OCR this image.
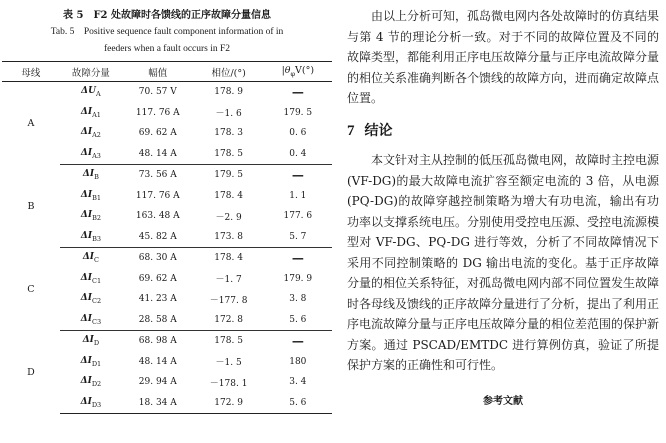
表 5　F2 处故障时各馈线的正序故障分量信息
Tab. 5　Positive sequence fault component information of in
feeders when a fault occurs in F2
母线	故障分量	幅值	相位/(°)	$|\theta_\varphi V(^\circ)$
A	$\Delta U_A$	70. 57 V	178. 9	—
	$\Delta I_{A1}$	117. 76 A	－1. 6	179. 5
	$\Delta I_{A2}$	69. 62 A	178. 3	0. 6
	$\Delta I_{A3}$	48. 14 A	178. 5	0. 4
B	$\Delta I_B$	73. 56 A	179. 5	—
	$\Delta I_{B1}$	117. 76 A	178. 4	1. 1
	$\Delta I_{B2}$	163. 48 A	－2. 9	177. 6
	$\Delta I_{B3}$	45. 82 A	173. 8	5. 7
C	$\Delta I_C$	68. 30 A	178. 4	—
	$\Delta I_{C1}$	69. 62 A	－1. 7	179. 9
	$\Delta I_{C2}$	41. 23 A	－177. 8	3. 8
	$\Delta I_{C3}$	28. 58 A	172. 8	5. 6
D	$\Delta I_D$	68. 98 A	178. 5	—
	$\Delta I_{D1}$	48. 14 A	－1. 5	180
	$\Delta I_{D2}$	29. 94 A	－178. 1	3. 4
	$\Delta I_{D3}$	18. 34 A	172. 9	5. 6

由以上分析可知，孤岛微电网内各处故障时的仿真结果与第 4 节的理论分析一致。对于不同的故障位置及不同的故障类型，都能利用正序电压故障分量与正序电流故障分量的相位关系准确判断各个馈线的故障方向，进而确定故障点位置。

7 结论

本文针对主从控制的低压孤岛微电网，故障时主控电源(VF-DG)的最大故障电流扩容至额定电流的 3 倍，从电源(PQ-DG)的故障穿越控制策略为增大有功电流，输出有功功率以支撑系统电压。分别使用受控电压源、受控电流源模型对 VF-DG、PQ-DG 进行等效，分析了不同故障情况下采用不同控制策略的 DG 输出电流的变化。基于正序故障分量的相位关系特征，对孤岛微电网内部不同位置发生故障时各母线及馈线的正序故障分量进行了分析，提出了利用正序电流故障分量与正序电压故障分量的相位差范围的保护新方案。通过 PSCAD/EMTDC 进行算例仿真，验证了所提保护方案的正确性和可行性。

参考文献
